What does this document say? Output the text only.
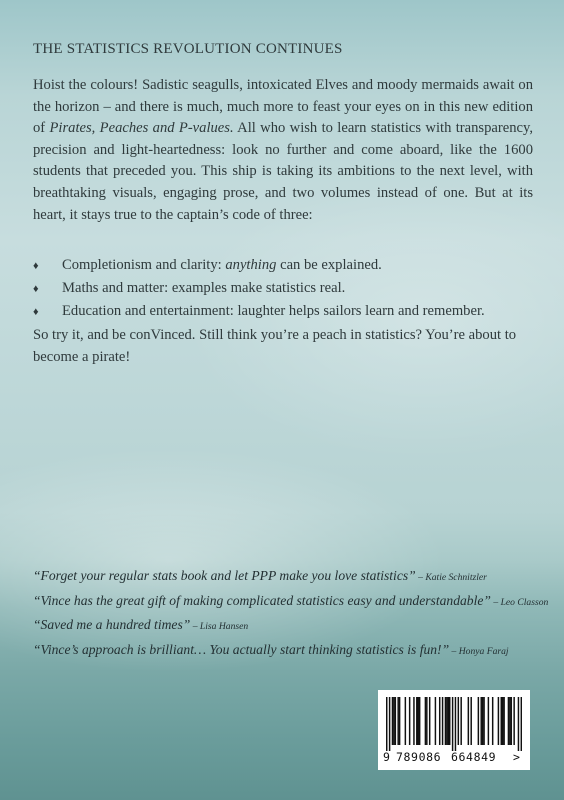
THE STATISTICS REVOLUTION CONTINUES

Hoist the colours! Sadistic seagulls, intoxicated Elves and moody mermaids await on the horizon – and there is much, much more to feast your eyes on in this new edition of Pirates, Peaches and P-values. All who wish to learn statistics with transparency, precision and light-heartedness: look no further and come aboard, like the 1600 students that preceded you. This ship is taking its ambitions to the next level, with breathtaking visuals, engaging prose, and two volumes instead of one. But at its heart, it stays true to the captain’s code of three:

♦	Completionism and clarity: anything can be explained.
♦	Maths and matter: examples make statistics real.
♦	Education and entertainment: laughter helps sailors learn and remember.

So try it, and be conVinced. Still think you’re a peach in statistics? You’re about to become a pirate!

“Forget your regular stats book and let PPP make you love statistics” – Katie Schnitzler
“Vince has the great gift of making complicated statistics easy and understandable” – Leo Classon
“Saved me a hundred times” – Lisa Hansen
“Vince’s approach is brilliant… You actually start thinking statistics is fun!” – Honya Faraj
9 789086 664849 >
